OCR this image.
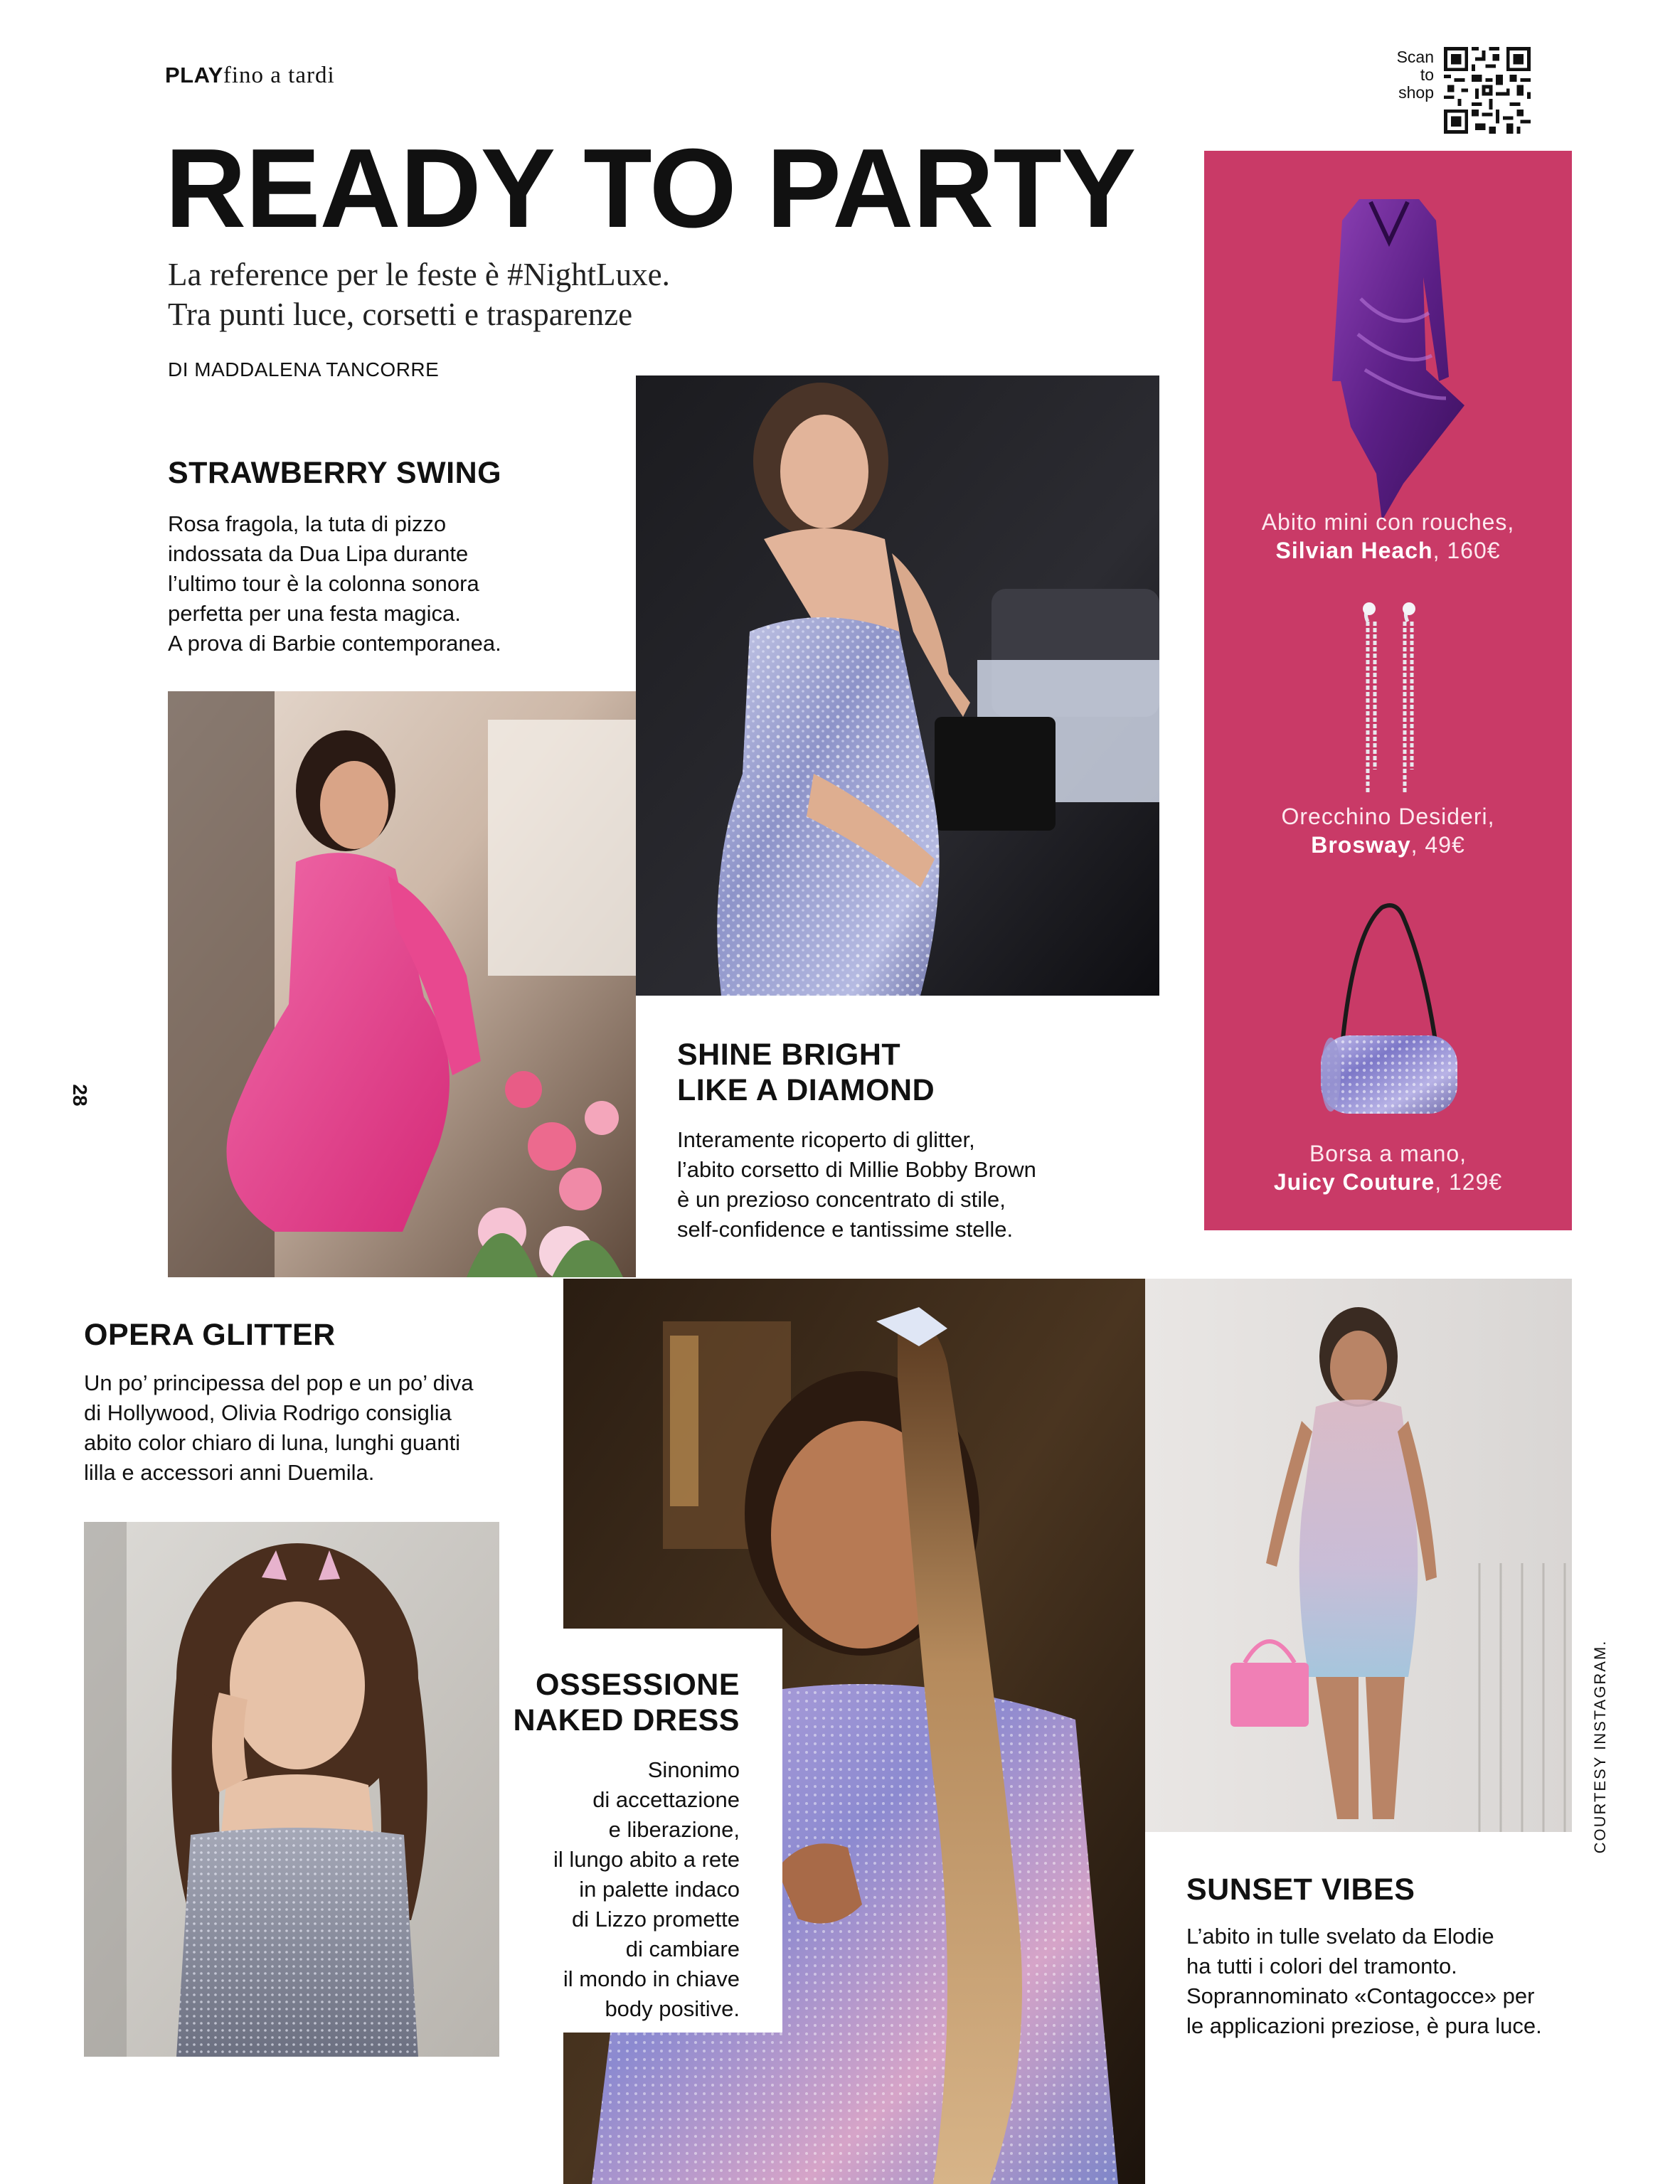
PLAYfino a tardi
Scan
to
shop
READY TO PARTY
La reference per le feste è #NightLuxe.
Tra punti luce, corsetti e trasparenze
DI MADDALENA TANCORRE
Abito mini con rouches,
Silvian Heach, 160€
Orecchino Desideri,
Brosway, 49€
Borsa a mano,
Juicy Couture, 129€
STRAWBERRY SWING
Rosa fragola, la tuta di pizzo
indossata da Dua Lipa durante
l’ultimo tour è la colonna sonora
perfetta per una festa magica.
A prova di Barbie contemporanea.
SHINE BRIGHT
LIKE A DIAMOND
Interamente ricoperto di glitter,
l’abito corsetto di Millie Bobby Brown
è un prezioso concentrato di stile,
self-confidence e tantissime stelle.
28
OPERA GLITTER
Un po’ principessa del pop e un po’ diva
di Hollywood, Olivia Rodrigo consiglia
abito color chiaro di luna, lunghi guanti
lilla e accessori anni Duemila.
OSSESSIONE
NAKED DRESS
Sinonimo
di accettazione
e liberazione,
il lungo abito a rete
in palette indaco
di Lizzo promette
di cambiare
il mondo in chiave
body positive.
SUNSET VIBES
L’abito in tulle svelato da Elodie
ha tutti i colori del tramonto.
Soprannominato «Contagocce» per
le applicazioni preziose, è pura luce.
COURTESY INSTAGRAM.
